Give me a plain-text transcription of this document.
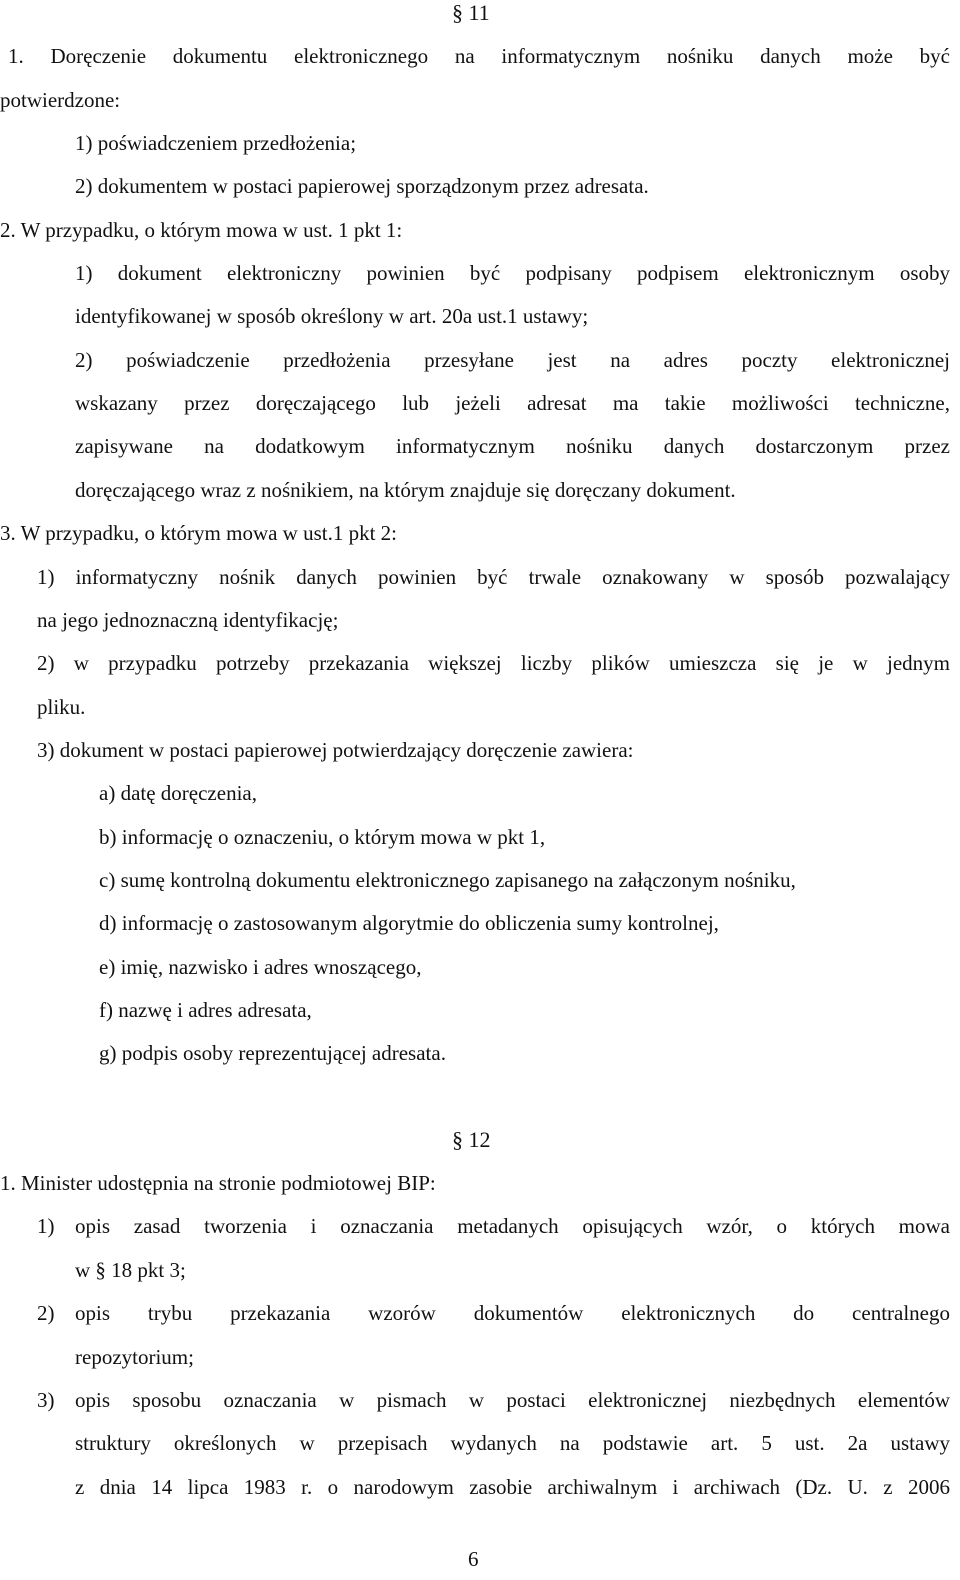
§ 11
1. Doręczenie dokumentu elektronicznego na informatycznym nośniku danych może być
potwierdzone:
1) poświadczeniem przedłożenia;
2) dokumentem w postaci papierowej sporządzonym przez adresata.
2. W przypadku, o którym mowa w ust. 1 pkt 1:
1) dokument elektroniczny powinien być podpisany podpisem elektronicznym osoby
identyfikowanej w sposób określony w art. 20a ust.1 ustawy;
2) poświadczenie przedłożenia przesyłane jest na adres poczty elektronicznej
wskazany przez doręczającego lub jeżeli adresat ma takie możliwości techniczne,
zapisywane na dodatkowym informatycznym nośniku danych dostarczonym przez
doręczającego wraz z nośnikiem, na którym znajduje się doręczany dokument.
3. W przypadku, o którym mowa w ust.1 pkt 2:
1) informatyczny nośnik danych powinien być trwale oznakowany w sposób pozwalający
na jego jednoznaczną identyfikację;
2) w przypadku potrzeby przekazania większej liczby plików umieszcza się je w jednym
pliku.
3) dokument w postaci papierowej potwierdzający doręczenie zawiera:
a) datę doręczenia,
b) informację o oznaczeniu, o którym mowa w pkt 1,
c) sumę kontrolną dokumentu elektronicznego zapisanego na załączonym nośniku,
d) informację o zastosowanym algorytmie do obliczenia sumy kontrolnej,
e) imię, nazwisko i adres wnoszącego,
f) nazwę i adres adresata,
g) podpis osoby reprezentującej adresata.
§ 12
1. Minister udostępnia na stronie podmiotowej BIP:
1) opis zasad tworzenia i oznaczania metadanych opisujących wzór, o których mowa
w § 18 pkt 3;
2) opis trybu przekazania wzorów dokumentów elektronicznych do centralnego
repozytorium;
3) opis sposobu oznaczania w pismach w postaci elektronicznej niezbędnych elementów
struktury określonych w przepisach wydanych na podstawie art. 5 ust. 2a ustawy
z dnia 14 lipca 1983 r. o narodowym zasobie archiwalnym i archiwach (Dz. U. z 2006
6
